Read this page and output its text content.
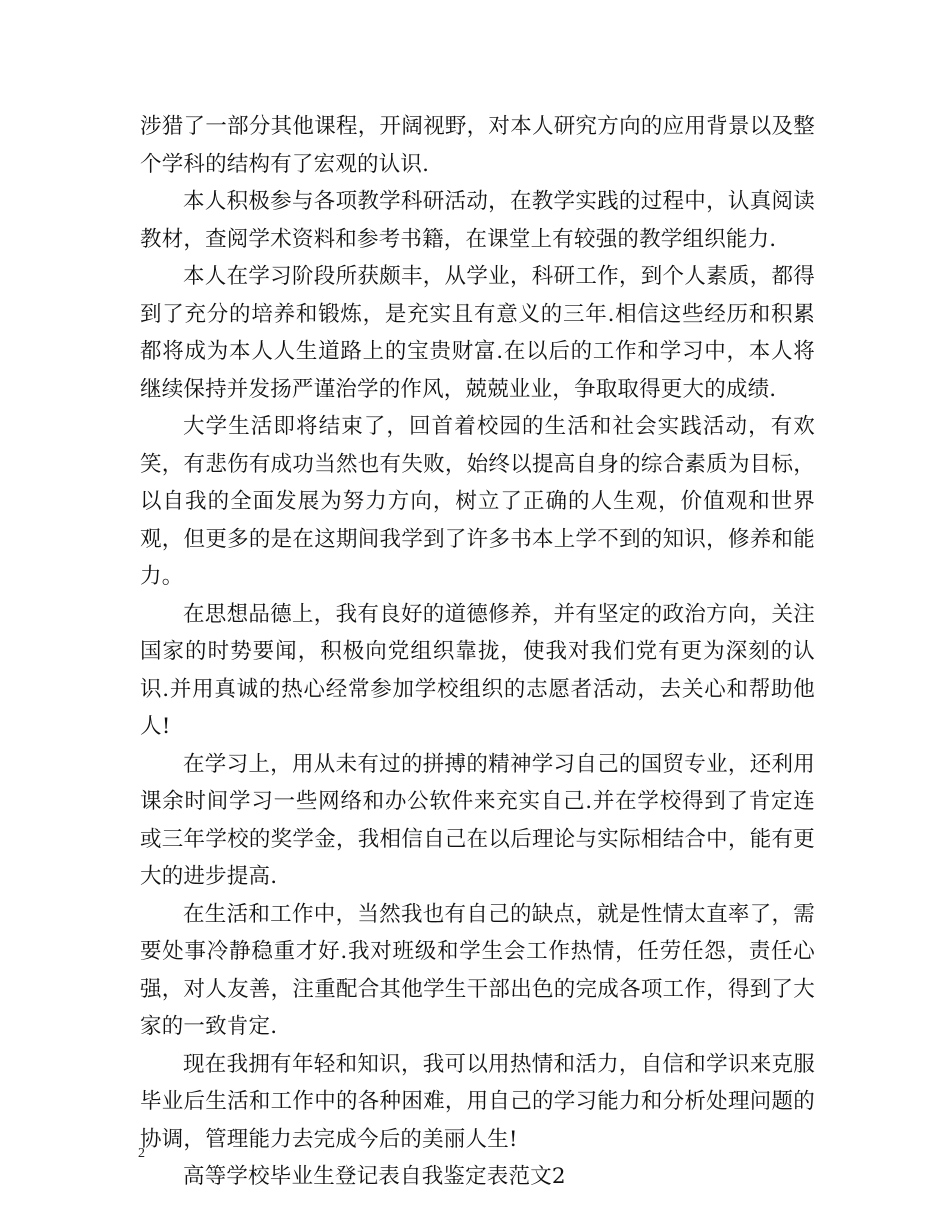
涉猎了一部分其他课程，开阔视野，对本人研究方向的应用背景以及整个学科的结构有了宏观的认识.

本人积极参与各项教学科研活动，在教学实践的过程中，认真阅读教材，查阅学术资料和参考书籍，在课堂上有较强的教学组织能力.

本人在学习阶段所获颇丰，从学业，科研工作，到个人素质，都得到了充分的培养和锻炼，是充实且有意义的三年.相信这些经历和积累都将成为本人人生道路上的宝贵财富.在以后的工作和学习中，本人将继续保持并发扬严谨治学的作风，兢兢业业，争取取得更大的成绩.

大学生活即将结束了，回首着校园的生活和社会实践活动，有欢笑，有悲伤有成功当然也有失败，始终以提高自身的综合素质为目标，以自我的全面发展为努力方向，树立了正确的人生观，价值观和世界观，但更多的是在这期间我学到了许多书本上学不到的知识，修养和能力。

在思想品德上，我有良好的道德修养，并有坚定的政治方向，关注国家的时势要闻，积极向党组织靠拢，使我对我们党有更为深刻的认识.并用真诚的热心经常参加学校组织的志愿者活动，去关心和帮助他人!

在学习上，用从未有过的拼搏的精神学习自己的国贸专业，还利用课余时间学习一些网络和办公软件来充实自己.并在学校得到了肯定连或三年学校的奖学金，我相信自己在以后理论与实际相结合中，能有更大的进步提高.

在生活和工作中，当然我也有自己的缺点，就是性情太直率了，需要处事冷静稳重才好.我对班级和学生会工作热情，任劳任怨，责任心强，对人友善，注重配合其他学生干部出色的完成各项工作，得到了大家的一致肯定.

现在我拥有年轻和知识，我可以用热情和活力，自信和学识来克服毕业后生活和工作中的各种困难，用自己的学习能力和分析处理问题的协调，管理能力去完成今后的美丽人生!

高等学校毕业生登记表自我鉴定表范文2

2
